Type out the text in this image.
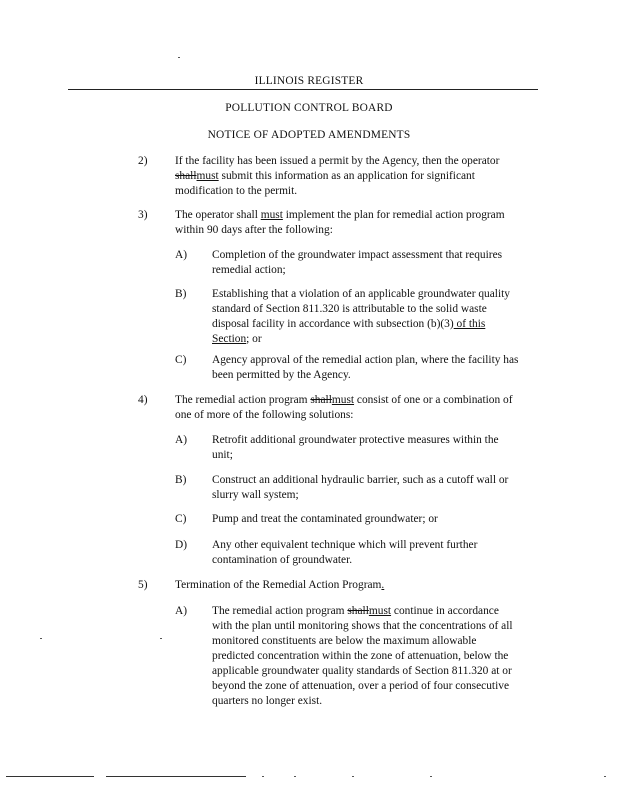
ILLINOIS REGISTER
POLLUTION CONTROL BOARD
NOTICE OF ADOPTED AMENDMENTS
2) If the facility has been issued a permit by the Agency, then the operator
shallmust submit this information as an application for significant
modification to the permit.
3) The operator shall must implement the plan for remedial action program
within 90 days after the following:
A) Completion of the groundwater impact assessment that requires
remedial action;
B) Establishing that a violation of an applicable groundwater quality
standard of Section 811.320 is attributable to the solid waste
disposal facility in accordance with subsection (b)(3) of this
Section; or
C) Agency approval of the remedial action plan, where the facility has
been permitted by the Agency.
4) The remedial action program shallmust consist of one or a combination of
one of more of the following solutions:
A) Retrofit additional groundwater protective measures within the
unit;
B) Construct an additional hydraulic barrier, such as a cutoff wall or
slurry wall system;
C) Pump and treat the contaminated groundwater; or
D) Any other equivalent technique which will prevent further
contamination of groundwater.
5) Termination of the Remedial Action Program.
A) The remedial action program shallmust continue in accordance
with the plan until monitoring shows that the concentrations of all
monitored constituents are below the maximum allowable
predicted concentration within the zone of attenuation, below the
applicable groundwater quality standards of Section 811.320 at or
beyond the zone of attenuation, over a period of four consecutive
quarters no longer exist.
